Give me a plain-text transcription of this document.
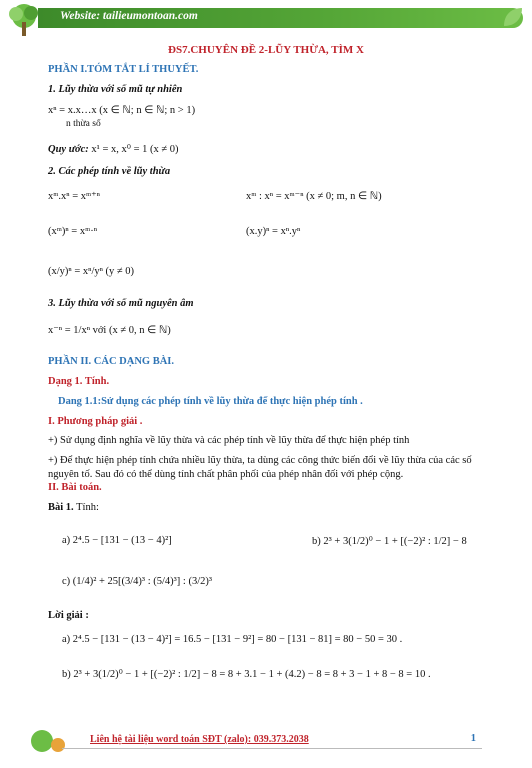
Website: tailieumontoan.com
ĐS7.CHUYÊN ĐỀ 2-LŨY THỪA, TÌM X
PHẦN I.TÓM TẮT LÍ THUYẾT.
1. Lũy thừa với số mũ tự nhiên
xⁿ = x.x…x (x ∈ ℕ; n ∈ ℕ; n > 1)
n thừa số
Quy ước: x¹ = x, x⁰ = 1 (x ≠ 0)
2. Các phép tính về lũy thừa
xᵐ.xⁿ = xᵐ⁺ⁿ	xᵐ : xⁿ = xᵐ⁻ⁿ (x ≠ 0; m, n ∈ ℕ)
(xᵐ)ⁿ = xᵐ·ⁿ	(x.y)ⁿ = xⁿ.yⁿ
(x/y)ⁿ = xⁿ/yⁿ (y ≠ 0)
3. Lũy thừa với số mũ nguyên âm
x⁻ⁿ = 1/xⁿ với (x ≠ 0, n ∈ ℕ)
PHẦN II. CÁC DẠNG BÀI.
Dạng 1. Tính.
Dang 1.1:Sử dụng các phép tính về lũy thừa để thực hiện phép tính .
I. Phương pháp giải .
+) Sử dụng định nghĩa về lũy thừa và các phép tính về lũy thừa để thực hiện phép tính
+) Để thực hiện phép tính chứa nhiều lũy thừa, ta dùng các công thức biến đổi về lũy thừa của các số
nguyên tố. Sau đó có thể dùng tính chất phân phối của phép nhân đối với phép cộng.
II. Bài toán.
Bài 1. Tính:
a) 2⁴.5 − [131 − (13 − 4)²]	b) 2³ + 3(1/2)⁰ − 1 + [(−2)² : 1/2] − 8
c) (1/4)² + 25[(3/4)³ : (5/4)³] : (3/2)³
Lời giải :
a) 2⁴.5 − [131 − (13 − 4)²] = 16.5 − [131 − 9²] = 80 − [131 − 81] = 80 − 50 = 30 .
b) 2³ + 3(1/2)⁰ − 1 + [(−2)² : 1/2] − 8 = 8 + 3.1 − 1 + (4.2) − 8 = 8 + 3 − 1 + 8 − 8 = 10 .
Liên hệ tài liệu word toán SĐT (zalo): 039.373.2038	1
